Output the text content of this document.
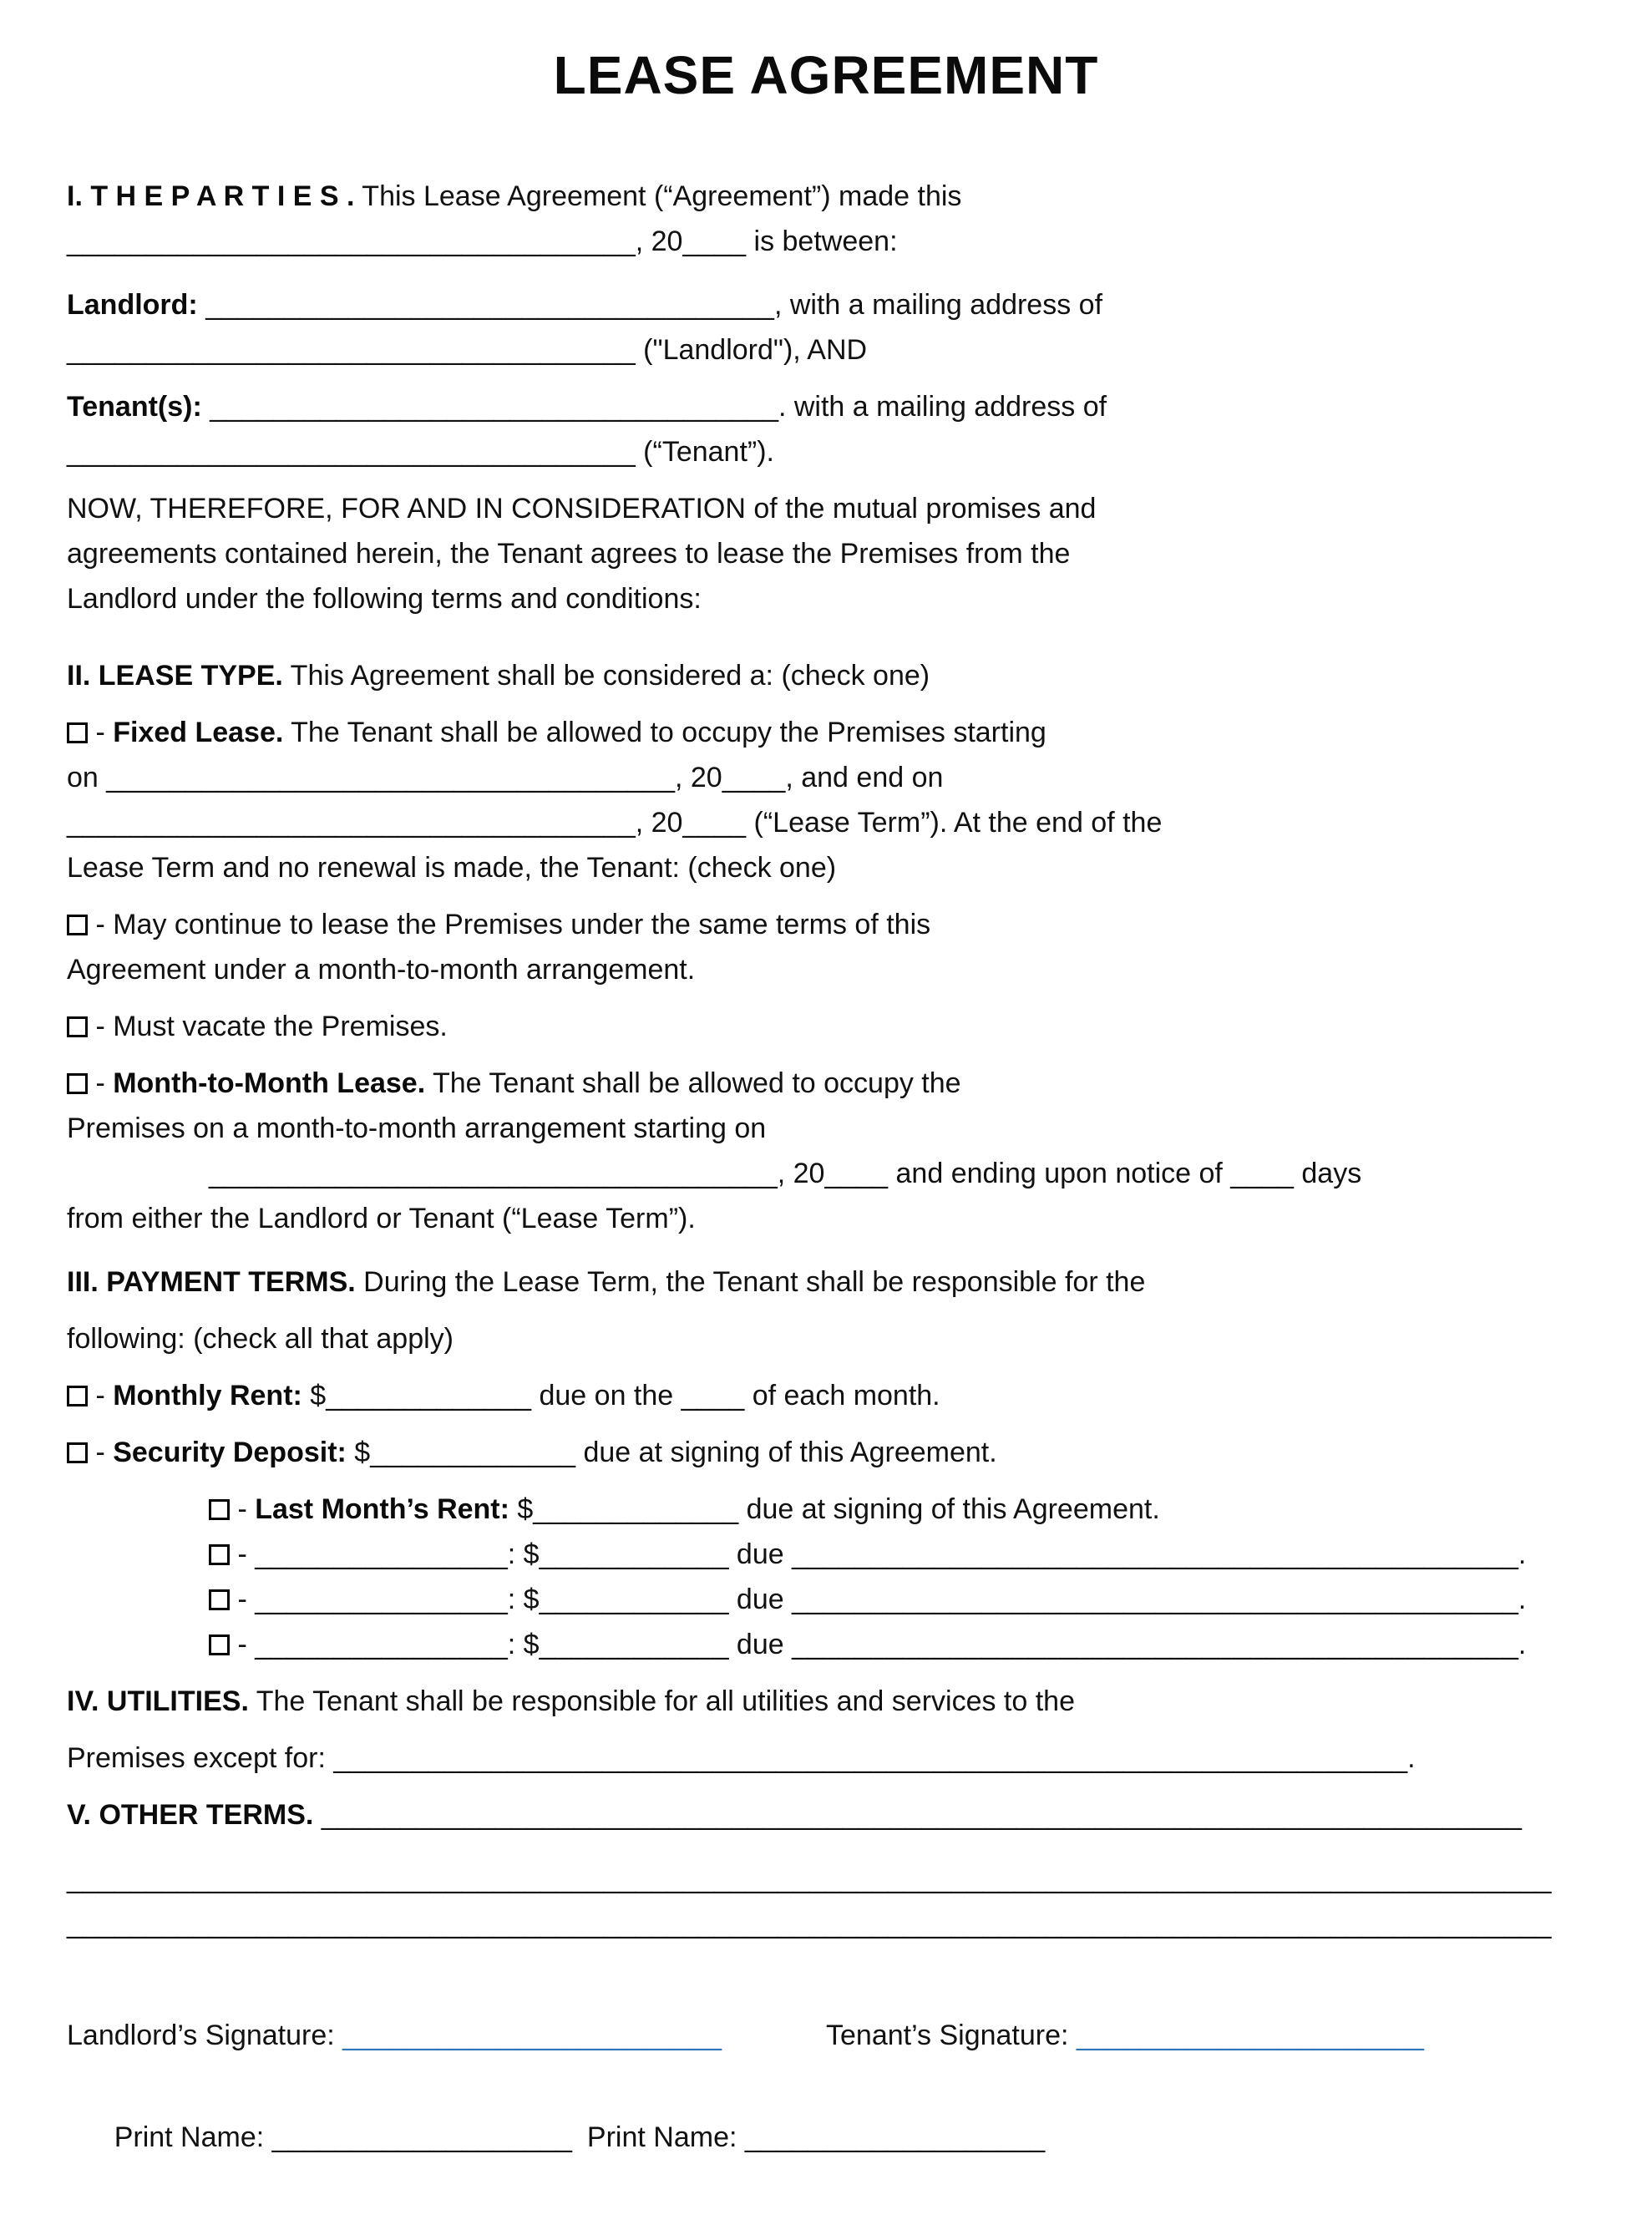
LEASE AGREEMENT
I. T H E P A R T I E S . This Lease Agreement (“Agreement”) made this
____________________________________, 20____ is between:
Landlord: ____________________________________, with a mailing address of
____________________________________ ("Landlord"), AND
Tenant(s): ____________________________________. with a mailing address of
____________________________________ (“Tenant”).
NOW, THEREFORE, FOR AND IN CONSIDERATION of the mutual promises and
agreements contained herein, the Tenant agrees to lease the Premises from the
Landlord under the following terms and conditions:
II. LEASE TYPE. This Agreement shall be considered a: (check one)
- Fixed Lease. The Tenant shall be allowed to occupy the Premises starting
on ____________________________________, 20____, and end on
____________________________________, 20____ (“Lease Term”). At the end of the
Lease Term and no renewal is made, the Tenant: (check one)
- May continue to lease the Premises under the same terms of this
Agreement under a month-to-month arrangement.
- Must vacate the Premises.
- Month-to-Month Lease. The Tenant shall be allowed to occupy the
Premises on a month-to-month arrangement starting on
____________________________________, 20____ and ending upon notice of ____ days
from either the Landlord or Tenant (“Lease Term”).
III. PAYMENT TERMS. During the Lease Term, the Tenant shall be responsible for the
following: (check all that apply)
- Monthly Rent: $_____________ due on the ____ of each month.
- Security Deposit: $_____________ due at signing of this Agreement.
- Last Month’s Rent: $_____________ due at signing of this Agreement.
- ________________: $____________ due ______________________________________________.
- ________________: $____________ due ______________________________________________.
- ________________: $____________ due ______________________________________________.
IV. UTILITIES. The Tenant shall be responsible for all utilities and services to the
Premises except for: ____________________________________________________________________.
V. OTHER TERMS. ____________________________________________________________________________
______________________________________________________________________________________________
______________________________________________________________________________________________
Landlord’s Signature: ________________________	Tenant’s Signature: ______________________

Print Name: ___________________ Print Name: ___________________
